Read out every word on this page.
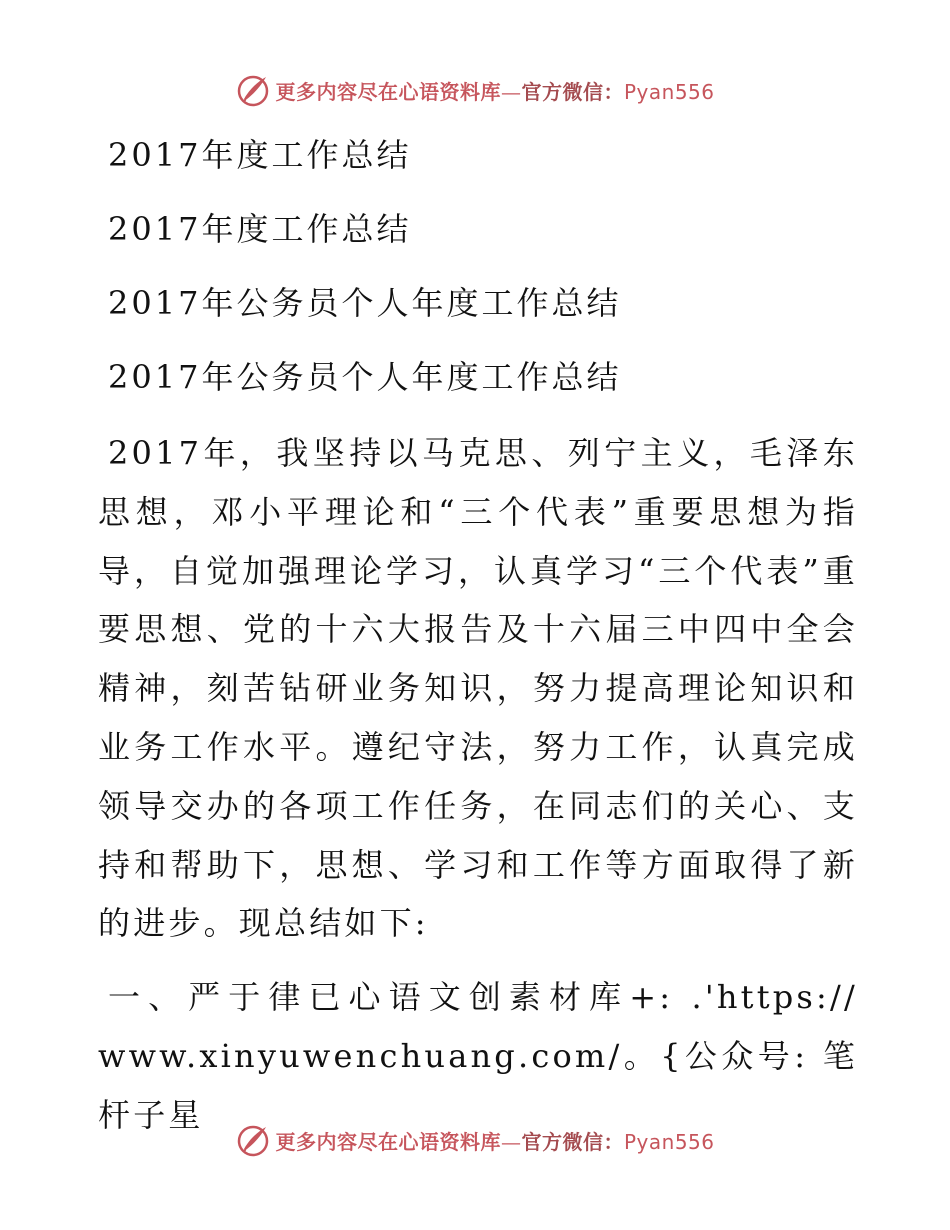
更多内容尽在心语资料库—官方微信：Pyan556
2017年度工作总结
2017年度工作总结
2017年公务员个人年度工作总结
2017年公务员个人年度工作总结

2017年，我坚持以马克思、列宁主义，毛泽东思想，邓小平理论和“三个代表”重要思想为指导，自觉加强理论学习，认真学习“三个代表”重要思想、党的十六大报告及十六届三中四中全会精神，刻苦钻研业务知识，努力提高理论知识和业务工作水平。遵纪守法，努力工作，认真完成领导交办的各项工作任务，在同志们的关心、支持和帮助下，思想、学习和工作等方面取得了新的进步。现总结如下:

一、严于律已心语文创素材库+: .'https:// www.xinyuwenchuang.com/。{公众号: 笔杆子星

更多内容尽在心语资料库—官方微信：Pyan556
